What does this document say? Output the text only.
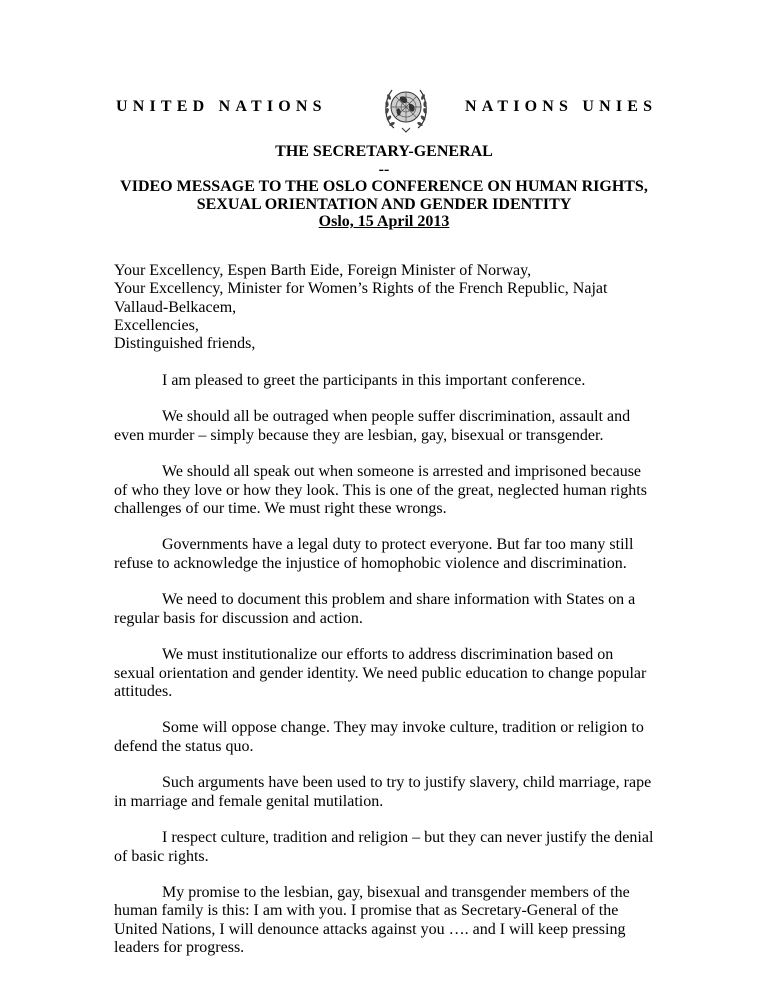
UNITED NATIONS	NATIONS UNIES
THE SECRETARY-GENERAL
--
VIDEO MESSAGE TO THE OSLO CONFERENCE ON HUMAN RIGHTS,
SEXUAL ORIENTATION AND GENDER IDENTITY
Oslo, 15 April 2013
Your Excellency, Espen Barth Eide, Foreign Minister of Norway,
Your Excellency, Minister for Women’s Rights of the French Republic, Najat Vallaud-Belkacem,
Excellencies,
Distinguished friends,

I am pleased to greet the participants in this important conference.

We should all be outraged when people suffer discrimination, assault and even murder – simply because they are lesbian, gay, bisexual or transgender.

We should all speak out when someone is arrested and imprisoned because of who they love or how they look. This is one of the great, neglected human rights challenges of our time. We must right these wrongs.

Governments have a legal duty to protect everyone. But far too many still refuse to acknowledge the injustice of homophobic violence and discrimination.

We need to document this problem and share information with States on a regular basis for discussion and action.

We must institutionalize our efforts to address discrimination based on sexual orientation and gender identity. We need public education to change popular attitudes.

Some will oppose change. They may invoke culture, tradition or religion to defend the status quo.

Such arguments have been used to try to justify slavery, child marriage, rape in marriage and female genital mutilation.

I respect culture, tradition and religion – but they can never justify the denial of basic rights.

My promise to the lesbian, gay, bisexual and transgender members of the human family is this: I am with you. I promise that as Secretary-General of the United Nations, I will denounce attacks against you …. and I will keep pressing leaders for progress.
